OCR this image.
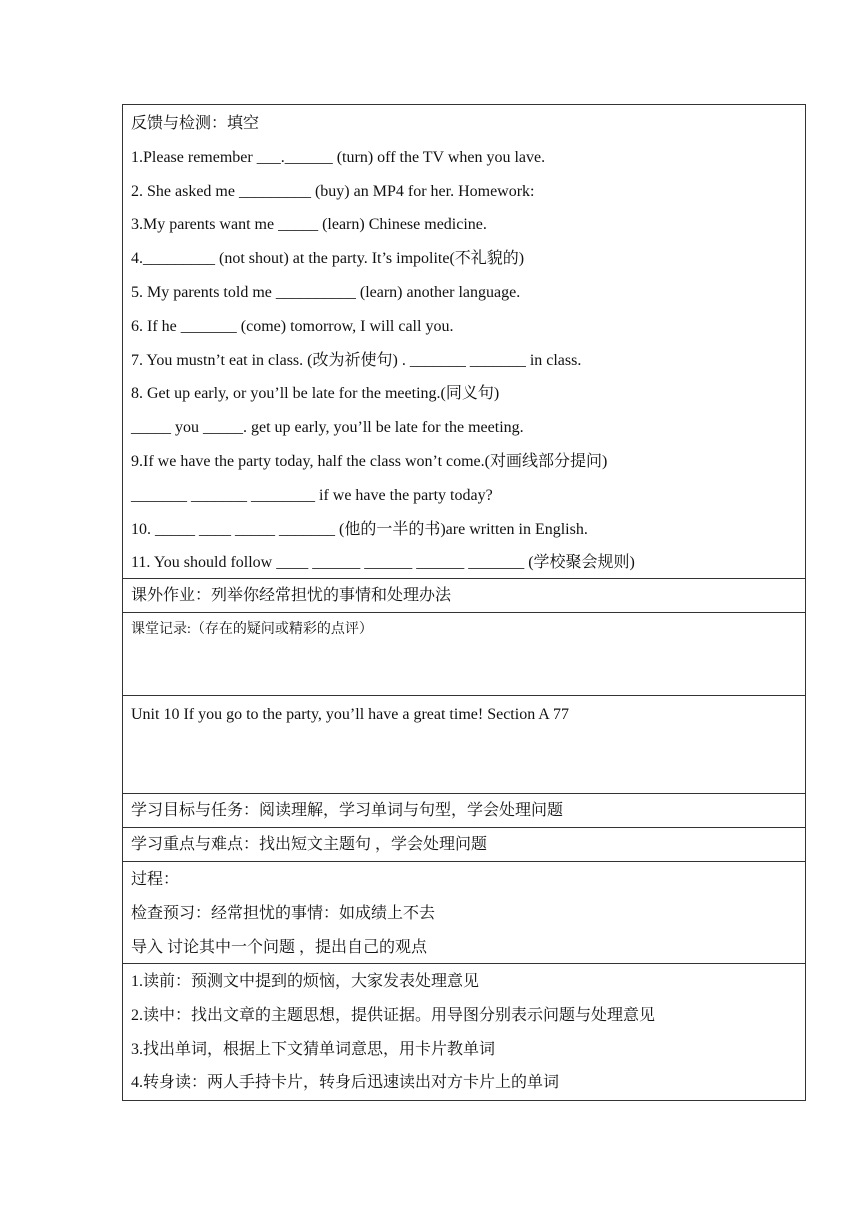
反馈与检测：填空
1.Please remember ___.______ (turn) off the TV when you lave.
2. She asked me _________ (buy) an MP4 for her. Homework:
3.My parents want me _____ (learn) Chinese medicine.
4._________ (not shout) at the party. It’s impolite(不礼貌的)
5. My parents told me __________ (learn) another language.
6. If he _______ (come) tomorrow, I will call you.
7. You mustn’t eat in class. (改为祈使句) . _______ _______ in class.
8. Get up early, or you’ll be late for the meeting.(同义句)
_____ you _____. get up early, you’ll be late for the meeting.
9.If we have the party today, half the class won’t come.(对画线部分提问)
_______ _______ ________ if we have the party today?
10. _____ ____ _____ _______ (他的一半的书)are written in English.
11. You should follow ____ ______ ______ ______ _______ (学校聚会规则)
课外作业：列举你经常担忧的事情和处理办法
课堂记录:（存在的疑问或精彩的点评）
Unit 10 If you go to the party, you’ll have a great time! Section A 77
学习目标与任务：阅读理解，学习单词与句型，学会处理问题
学习重点与难点：找出短文主题句 ，学会处理问题
过程：
检查预习：经常担忧的事情：如成绩上不去
导入 讨论其中一个问题 ，提出自己的观点
1.读前：预测文中提到的烦恼，大家发表处理意见
2.读中：找出文章的主题思想，提供证据。用导图分别表示问题与处理意见
3.找出单词，根据上下文猜单词意思，用卡片教单词
4.转身读：两人手持卡片，转身后迅速读出对方卡片上的单词
